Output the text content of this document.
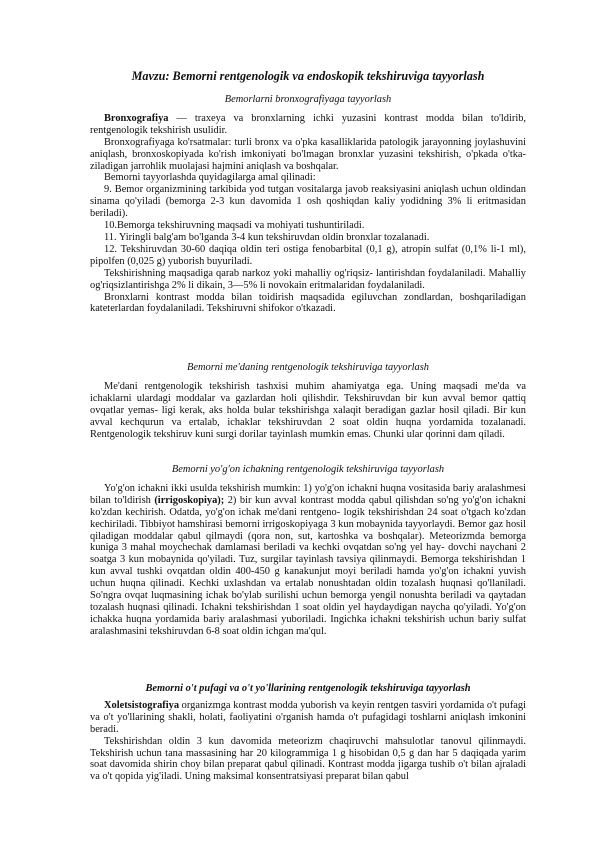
Mavzu: Bemorni rentgenologik va endoskopik tekshiruviga tayyorlash
Bemorlarni bronxografiyaga tayyorlash

Bronxografiya — traxeya va bronxlarning ichki yuzasini kontrast modda bilan to'ldirib, rentgenologik tekshirish usulidir.

Bronxografiyaga ko'rsatmalar: turli bronx va o'pka kasalliklarida patologik jarayonning joylashuvini aniqlash, bronxoskopiyada ko'rish imkoniyati bo'lmagan bronxlar yuzasini tekshirish, o'pkada o'tka- ziladigan jarrohlik muolajasi hajmini aniqlash va boshqalar.

Bemorni tayyorlashda quyidagilarga amal qilinadi:

9. Bemor organizmining tarkibida yod tutgan vositalarga javob reaksiyasini aniqlash uchun oldindan sinama qo'yiladi (bemorga 2-3 kun davomida 1 osh qoshiqdan kaliy yodidning 3% li eritmasidan beriladi).

10.Bemorga tekshiruvning maqsadi va mohiyati tushuntiriladi.

11. Yiringli balg'am bo'lganda 3-4 kun tekshiruvdan oldin bronxlar tozalanadi.

12. Tekshiruvdan 30-60 daqiqa oldin teri ostiga fenobarbital (0,1 g), atropin sulfat (0,1% li-1 ml), pipolfen (0,025 g) yuborish buyuriladi.

Tekshirishning maqsadiga qarab narkoz yoki mahalliy og'riqsiz- lantirishdan foydalaniladi. Mahalliy og'riqsizlantirishga 2% li dikain, 3—5% li novokain eritmalaridan foydalaniladi.

Bronxlarni kontrast modda bilan toidirish maqsadida egiluvchan zondlardan, boshqariladigan kateterlardan foydalaniladi. Tekshiruvni shifokor o'tkazadi.

Bemorni me'daning rentgenologik tekshiruviga tayyorlash

Me'dani rentgenologik tekshirish tashxisi muhim ahamiyatga ega. Uning maqsadi me'da va ichaklarni ulardagi moddalar va gazlardan holi qilishdir. Tekshiruvdan bir kun avval bemor qattiq ovqatlar yemas- ligi kerak, aks holda bular tekshirishga xalaqit beradigan gazlar hosil qiladi. Bir kun avval kechqurun va ertalab, ichaklar tekshiruvdan 2 soat oldin huqna yordamida tozalanadi. Rentgenologik tekshiruv kuni surgi dorilar tayinlash mumkin emas. Chunki ular qorinni dam qiladi.

Bemorni yo'g'on ichakning rentgenologik tekshiruviga tayyorlash

Yo'g'on ichakni ikki usulda tekshirish mumkin: 1) yo'g'on ichakni huqna vositasida bariy aralashmesi bilan to'ldirish (irrigoskopiya); 2) bir kun avval kontrast modda qabul qilishdan so'ng yo'g'on ichakni ko'zdan kechirish. Odatda, yo'g'on ichak me'dani rentgeno- logik tekshirishdan 24 soat o'tgach ko'zdan kechiriladi. Tibbiyot hamshirasi bemorni irrigoskopiyaga 3 kun mobaynida tayyorlaydi. Bemor gaz hosil qiladigan moddalar qabul qilmaydi (qora non, sut, kartoshka va boshqalar). Meteorizmda bemorga kuniga 3 mahal moychechak damlamasi beriladi va kechki ovqatdan so'ng yel hay- dovchi naychani 2 soatga 3 kun mobaynida qo'yiladi. Tuz, surgilar tayinlash tavsiya qilinmaydi. Bemorga tekshirishdan 1 kun avval tushki ovqatdan oldin 400-450 g kanakunjut moyi beriladi hamda yo'g'on ichakni yuvish uchun huqna qilinadi. Kechki uxlashdan va ertalab nonushtadan oldin tozalash huqnasi qo'llaniladi. So'ngra ovqat luqmasining ichak bo'ylab surilishi uchun bemorga yengil nonushta beriladi va qaytadan tozalash huqnasi qilinadi. Ichakni tekshirishdan 1 soat oldin yel haydaydigan naycha qo'yiladi. Yo'g'on ichakka huqna yordamida bariy aralashmasi yuboriladi. Ingichka ichakni tekshirish uchun bariy sulfat aralashmasini tekshiruvdan 6-8 soat oldin ichgan ma'qul.

Bemorni o't pufagi va o't yo'llarining rentgenologik tekshiruviga tayyorlash

Xoletsistografiya organizmga kontrast modda yuborish va keyin rentgen tasviri yordamida o't pufagi va o't yo'llarining shakli, holati, faoliyatini o'rganish hamda o't pufagidagi toshlarni aniqlash imkonini beradi.

Tekshirishdan oldin 3 kun davomida meteorizm chaqiruvchi mahsulotlar tanovul qilinmaydi. Tekshirish uchun tana massasining har 20 kilogrammiga 1 g hisobidan 0,5 g dan har 5 daqiqada yarim soat davomida shirin choy bilan preparat qabul qilinadi. Kontrast modda jigarga tushib o't bilan ajraladi va o't qopida yig'iladi. Uning maksimal konsentratsiyasi preparat bilan qabul
